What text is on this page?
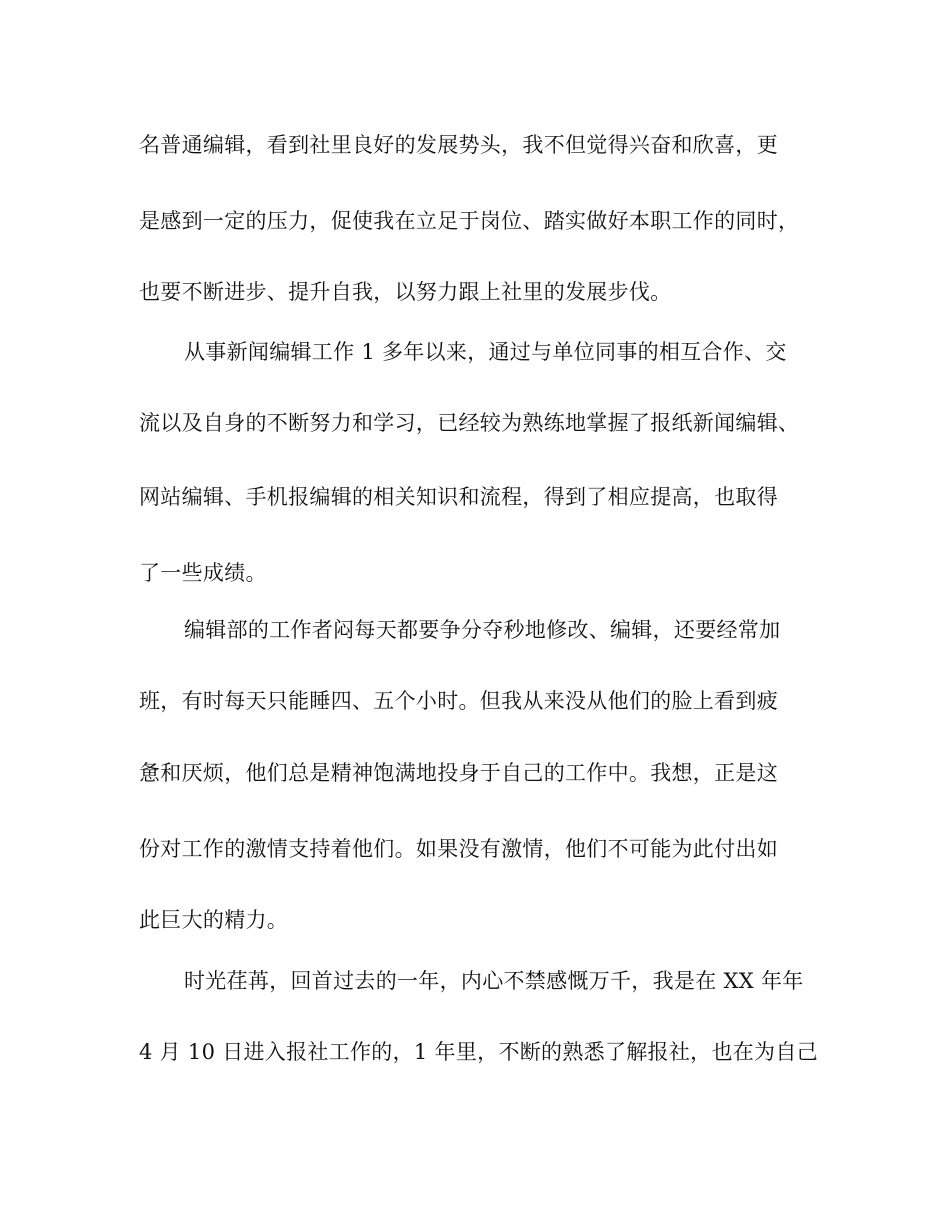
名普通编辑，看到社里良好的发展势头，我不但觉得兴奋和欣喜，更
是感到一定的压力，促使我在立足于岗位、踏实做好本职工作的同时，
也要不断进步、提升自我，以努力跟上社里的发展步伐。
从事新闻编辑工作 1 多年以来，通过与单位同事的相互合作、交
流以及自身的不断努力和学习，已经较为熟练地掌握了报纸新闻编辑、
网站编辑、手机报编辑的相关知识和流程，得到了相应提高，也取得
了一些成绩。
编辑部的工作者闷每天都要争分夺秒地修改、编辑，还要经常加
班，有时每天只能睡四、五个小时。但我从来没从他们的脸上看到疲
惫和厌烦，他们总是精神饱满地投身于自己的工作中。我想，正是这
份对工作的激情支持着他们。如果没有激情，他们不可能为此付出如
此巨大的精力。
时光荏苒，回首过去的一年，内心不禁感慨万千，我是在 XX 年年
4 月 10 日进入报社工作的，1 年里，不断的熟悉了解报社，也在为自己
